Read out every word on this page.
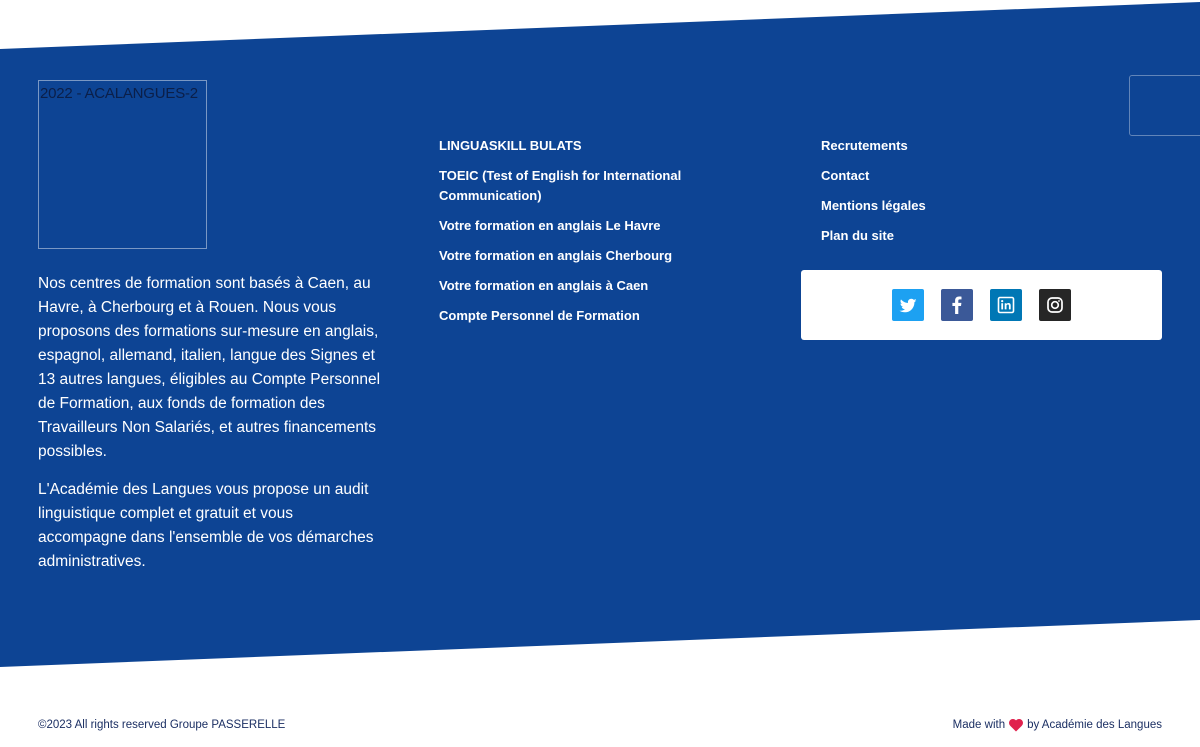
2022 - ACALANGUES-2

Nos centres de formation sont basés à Caen, au Havre, à Cherbourg et à Rouen. Nous vous proposons des formations sur-mesure en anglais, espagnol, allemand, italien, langue des Signes et 13 autres langues, éligibles au Compte Personnel de Formation, aux fonds de formation des Travailleurs Non Salariés, et autres financements possibles.

L'Académie des Langues vous propose un audit linguistique complet et gratuit et vous accompagne dans l'ensemble de vos démarches administratives.

LINGUASKILL BULATS
TOEIC (Test of English for International Communication)
Votre formation en anglais Le Havre
Votre formation en anglais Cherbourg
Votre formation en anglais à Caen
Compte Personnel de Formation
Recrutements
Contact
Mentions légales
Plan du site
©2023 All rights reserved Groupe PASSERELLE	Made with by Académie des Langues
